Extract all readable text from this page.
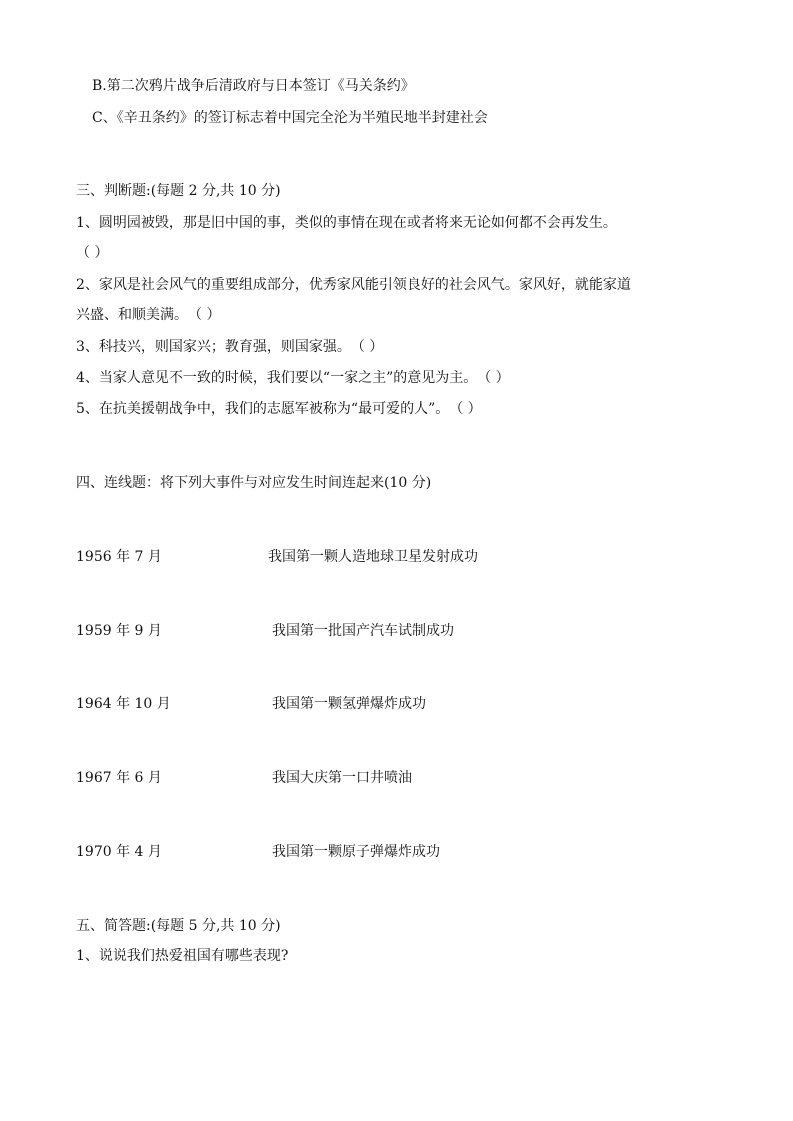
B.第二次鸦片战争后清政府与日本签订《马关条约》
C、《辛丑条约》的签订标志着中国完全沦为半殖民地半封建社会
三、判断题:(每题 2 分,共 10 分)
1、圆明园被毁，那是旧中国的事，类似的事情在现在或者将来无论如何都不会再发生。
（ ）
2、家风是社会风气的重要组成部分，优秀家风能引领良好的社会风气。家风好，就能家道
兴盛、和顺美满。（ ）
3、科技兴，则国家兴；教育强，则国家强。（ ）
4、当家人意见不一致的时候，我们要以“一家之主”的意见为主。（ ）
5、在抗美援朝战争中，我们的志愿军被称为“最可爱的人”。（ ）
四、连线题：将下列大事件与对应发生时间连起来(10 分)
1956 年 7 月	我国第一颗人造地球卫星发射成功
1959 年 9 月	我国第一批国产汽车试制成功
1964 年 10 月	我国第一颗氢弹爆炸成功
1967 年 6 月	我国大庆第一口井喷油
1970 年 4 月	我国第一颗原子弹爆炸成功
五、简答题:(每题 5 分,共 10 分)
1、说说我们热爱祖国有哪些表现?
